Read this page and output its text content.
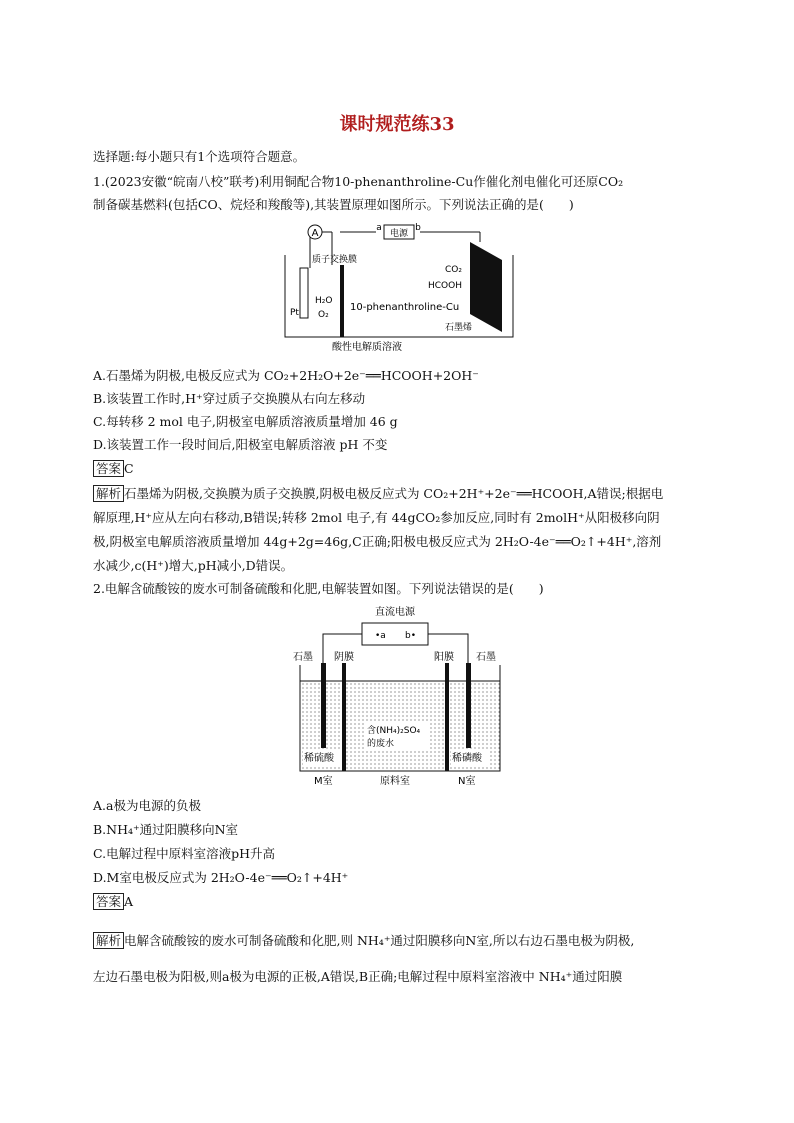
课时规范练33
选择题:每小题只有1个选项符合题意。
1.(2023安徽“皖南八校”联考)利用铜配合物10-phenanthroline-Cu作催化剂电催化可还原CO₂
制备碳基燃料(包括CO、烷烃和羧酸等),其装置原理如图所示。下列说法正确的是(　　)
A	a
电源
b
质子交换膜
Pt
H₂O
O₂
10-phenanthroline-Cu
CO₂
HCOOH
石墨烯
酸性电解质溶液
A.石墨烯为阴极,电极反应式为 CO₂+2H₂O+2e⁻══HCOOH+2OH⁻
B.该装置工作时,H⁺穿过质子交换膜从右向左移动
C.每转移 2 mol 电子,阴极室电解质溶液质量增加 46 g
D.该装置工作一段时间后,阳极室电解质溶液 pH 不变
答案 C
解析 石墨烯为阴极,交换膜为质子交换膜,阴极电极反应式为 CO₂+2H⁺+2e⁻══HCOOH,A错误;根据电
解原理,H⁺应从左向右移动,B错误;转移 2mol 电子,有 44gCO₂参加反应,同时有 2molH⁺从阳极移向阴
极,阴极室电解质溶液质量增加 44g+2g=46g,C正确;阳极电极反应式为 2H₂O-4e⁻══O₂↑+4H⁺,溶剂
水减少,c(H⁺)增大,pH减小,D错误。
2.电解含硫酸铵的废水可制备硫酸和化肥,电解装置如图。下列说法错误的是(　　)
直流电源
•a b•
石墨 阴膜	阳膜 石墨
含(NH₄)₂SO₄
的废水
稀硫酸	稀磷酸
M室	原料室	N室
A.a极为电源的负极
B.NH₄⁺通过阳膜移向N室
C.电解过程中原料室溶液pH升高
D.M室电极反应式为 2H₂O-4e⁻══O₂↑+4H⁺
答案 A
解析 电解含硫酸铵的废水可制备硫酸和化肥,则 NH₄⁺通过阳膜移向N室,所以右边石墨电极为阴极,
左边石墨电极为阳极,则a极为电源的正极,A错误,B正确;电解过程中原料室溶液中 NH₄⁺通过阳膜
